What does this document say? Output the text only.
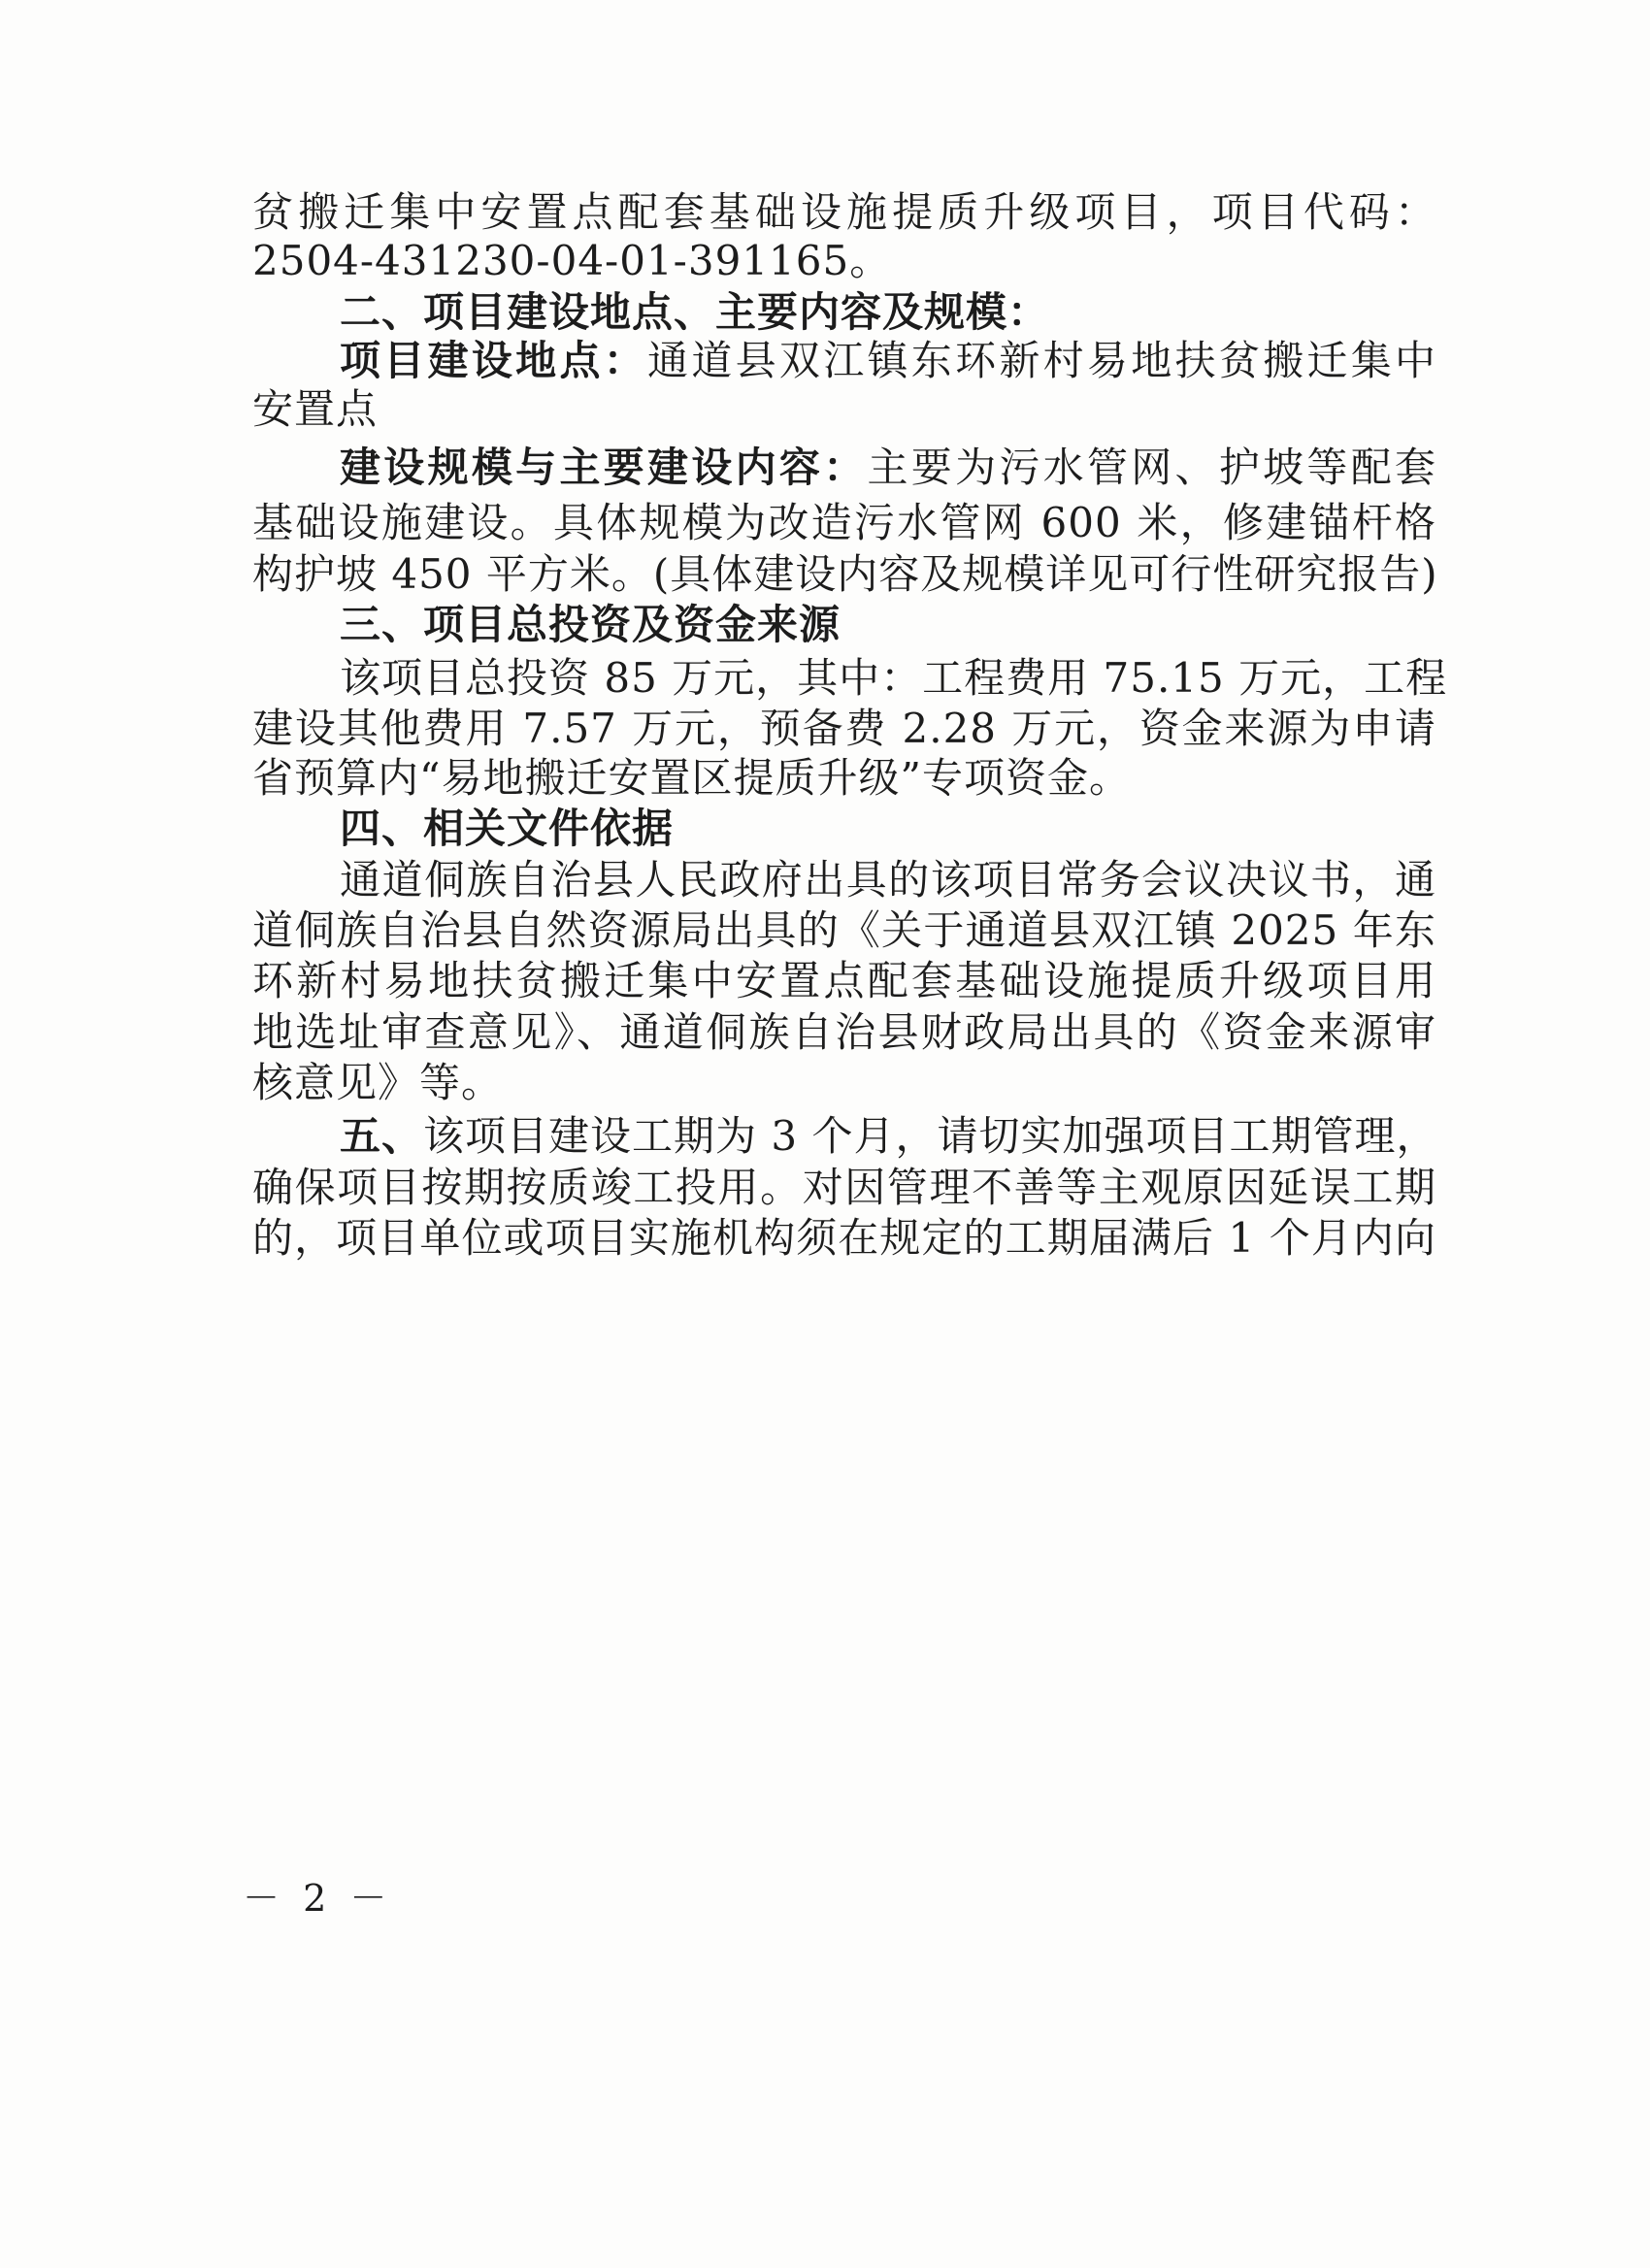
贫搬迁集中安置点配套基础设施提质升级项目，项目代码：
2504-431230-04-01-391165。
二、项目建设地点、主要内容及规模：
项目建设地点：通道县双江镇东环新村易地扶贫搬迁集中
安置点
建设规模与主要建设内容：主要为污水管网、护坡等配套
基础设施建设。具体规模为改造污水管网 600 米，修建锚杆格
构护坡 450 平方米。(具体建设内容及规模详见可行性研究报告)
三、项目总投资及资金来源
该项目总投资 85 万元，其中：工程费用 75.15 万元，工程
建设其他费用 7.57 万元，预备费 2.28 万元，资金来源为申请
省预算内“易地搬迁安置区提质升级”专项资金。
四、相关文件依据
通道侗族自治县人民政府出具的该项目常务会议决议书，通
道侗族自治县自然资源局出具的《关于通道县双江镇 2025 年东
环新村易地扶贫搬迁集中安置点配套基础设施提质升级项目用
地选址审查意见》、通道侗族自治县财政局出具的《资金来源审
核意见》等。
五、该项目建设工期为 3 个月，请切实加强项目工期管理，
确保项目按期按质竣工投用。对因管理不善等主观原因延误工期
的，项目单位或项目实施机构须在规定的工期届满后 1 个月内向
－ 2 －
